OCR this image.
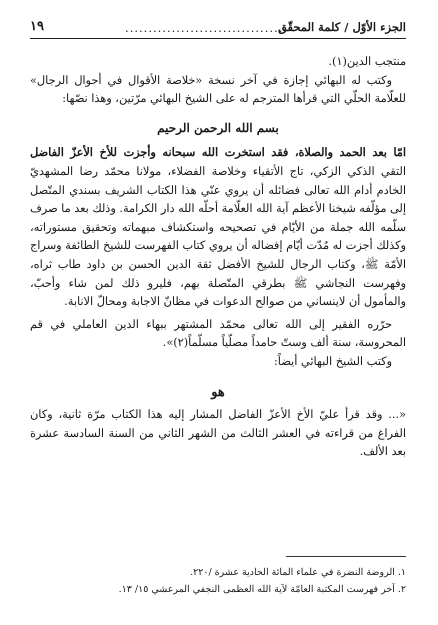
الجزء الأوّل / كلمة المحقّق
...................................
١٩

منتجب الدين(١).

وكتب له البهائي إجازة في آخر نسخة «خلاصة الأقوال في أحوال الرجال» للعلّامة الحلّي التي قرأها المترجم له على الشيخ البهائي مرّتين، وهذا نصّها:

بسم الله الرحمن الرحيم

امّا بعد الحمد والصلاة، فقد استخرت الله سبحانه وأجزت للأخ الأعزّ الفاضل التقي الذكي الزكي، تاج الأتقياء وخلاصة الفضلاء، مولانا محمّد رضا المشهديّ الخادم أدام الله تعالى فضائله أن يروي عنّي هذا الكتاب الشريف بسندي المتّصل إلى مؤلّفه شيخنا الأعظم آية الله العلّامة أحلّه الله دار الكرامة. وذلك بعد ما صرف سلّمه الله جملة من الأيّام في تصحيحه واستكشاف مبهماته وتحقيق مستوراته، وكذلك أجزت له مُدّت أيّام إفضاله أن يروي كتاب الفهرست للشيخ الطائفة وسراج الأمّة ﷺ، وكتاب الرجال للشيخ الأفضل ثقة الدين الحسن بن داود طاب ثراه، وفهرست النجاشي ﷺ بطرقي المتّصلة بهم، فليرو ذلك لمن شاء وأحبّ، والمأمول أن لاينساني من صوالح الدعوات في مظانّ الاجابة ومحالّ الانابة.

حرّره الفقير إلى الله تعالى محمّد المشتهر ببهاء الدين العاملي في قم المحروسة، سنة ألف وستّ حامداً مصلّياً مسلّماً(٢)».

وكتب الشيخ البهائي أيضاً:

هو

«... وقد قرأ عليّ الأخ الأعزّ الفاضل المشار إليه هذا الكتاب مرّة ثانية، وكان الفراغ من قراءته في العشر الثالث من الشهر الثاني من السنة السادسة عشرة بعد الألف.

١. الروضة النضرة في علماء المائة الحادية عشرة /٢٢٠.
٢. آخر فهرست المكتبة العامّة لآية الله العظمى النجفي المرعشي ١٥/ ١٣.
